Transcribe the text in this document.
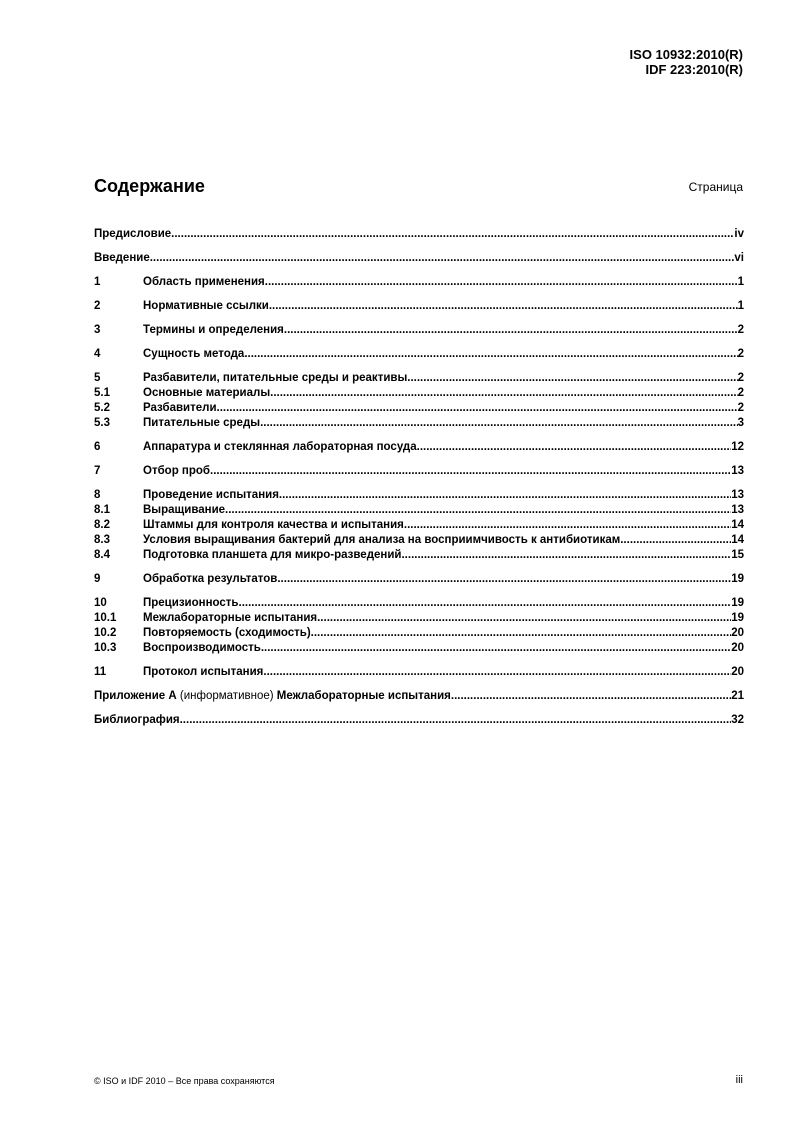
ISO 10932:2010(R)
IDF 223:2010(R)
Содержание	Страница
Предисловие .....	iv
Введение .....	vi
1	Область применения .....	1
2	Нормативные ссылки .....	1
3	Термины и определения .....	2
4	Сущность метода .....	2
5	Разбавители, питательные среды и реактивы .....	2
5.1	Основные материалы .....	2
5.2	Разбавители .....	2
5.3	Питательные среды .....	3
6	Аппаратура и стеклянная лабораторная посуда .....	12
7	Отбор проб .....	13
8	Проведение испытания .....	13
8.1	Выращивание .....	13
8.2	Штаммы для контроля качества и испытания .....	14
8.3	Условия выращивания бактерий для анализа на восприимчивость к антибиотикам .....	14
8.4	Подготовка планшета для микро-разведений .....	15
9	Обработка результатов .....	19
10	Прецизионность .....	19
10.1	Межлабораторные испытания .....	19
10.2	Повторяемость (сходимость) .....	20
10.3	Воспроизводимость .....	20
11	Протокол испытания .....	20
Приложение A (информативное) Межлабораторные испытания .....	21
Библиография .....	32
© ISO и IDF 2010 – Все права сохраняются	iii
